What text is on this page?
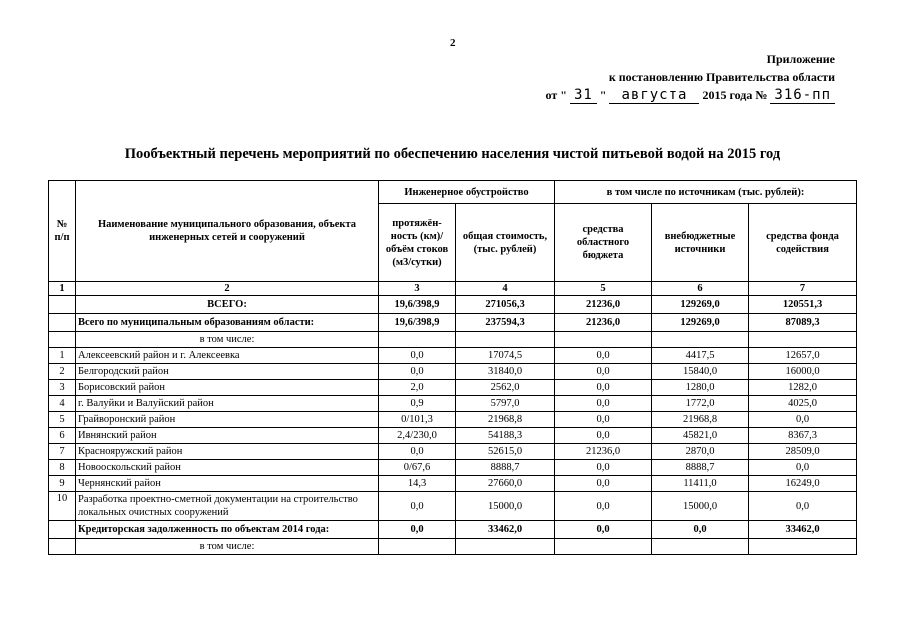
2
Приложение
к постановлению Правительства области
от " 31 " августа 2015 года № 316-пп
Пообъектный перечень мероприятий по обеспечению населения чистой питьевой водой на 2015 год
№ п/п	Наименование муниципального образования, объекта инженерных сетей и сооружений	Инженерное обустройство		в том числе по источникам (тыс. рублей):		
		протяжён-ность (км)/объём стоков (м3/сутки)	общая стоимость, (тыс. рублей)	средства областного бюджета	внебюджетные источники	средства фонда содействия
1	2	3	4	5	6	7
	ВСЕГО:	19,6/398,9	271056,3	21236,0	129269,0	120551,3
	Всего по муниципальным образованиям области:	19,6/398,9	237594,3	21236,0	129269,0	87089,3
	в том числе:					
1	Алексеевский район и г. Алексеевка	0,0	17074,5	0,0	4417,5	12657,0
2	Белгородский район	0,0	31840,0	0,0	15840,0	16000,0
3	Борисовский район	2,0	2562,0	0,0	1280,0	1282,0
4	г. Валуйки и Валуйский район	0,9	5797,0	0,0	1772,0	4025,0
5	Грайворонский район	0/101,3	21968,8	0,0	21968,8	0,0
6	Ивнянский район	2,4/230,0	54188,3	0,0	45821,0	8367,3
7	Краснояружский район	0,0	52615,0	21236,0	2870,0	28509,0
8	Новооскольский район	0/67,6	8888,7	0,0	8888,7	0,0
9	Чернянский район	14,3	27660,0	0,0	11411,0	16249,0
10	Разработка проектно-сметной документации на строительство локальных очистных сооружений	0,0	15000,0	0,0	15000,0	0,0
	Кредиторская задолженность по объектам 2014 года:	0,0	33462,0	0,0	0,0	33462,0
	в том числе:					
